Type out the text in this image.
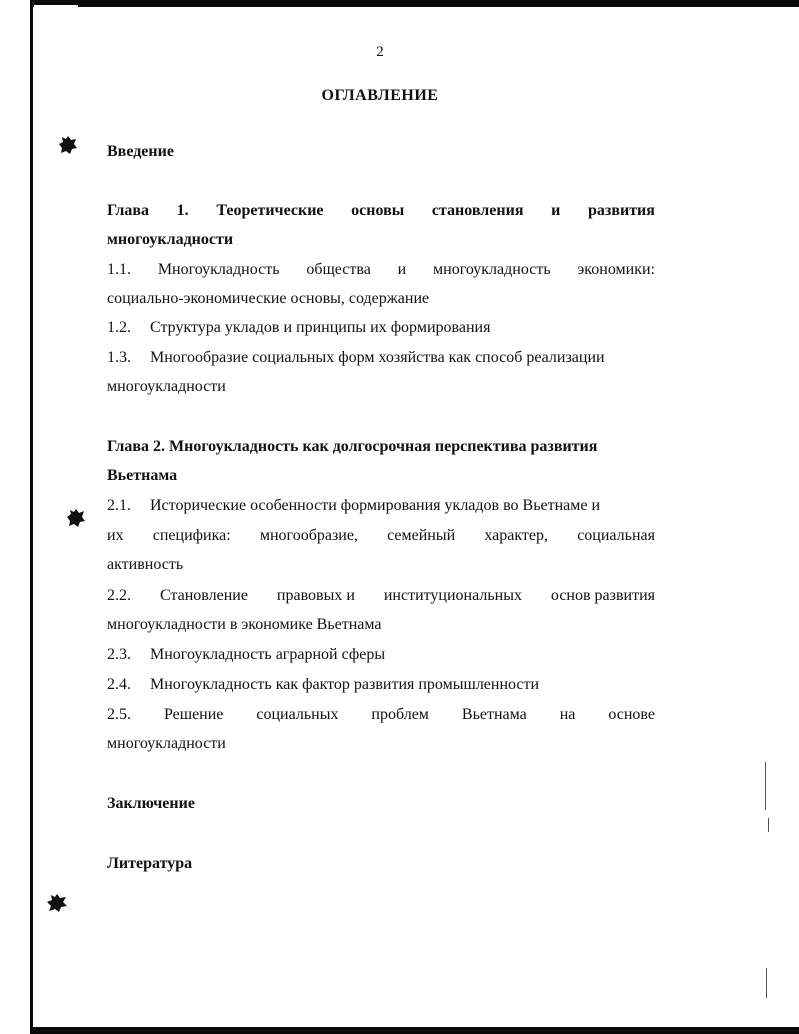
2
ОГЛАВЛЕНИЕ
Введение
Глава 1. Теоретические основы становления и развития
многоукладности
1.1. Многоукладность общества и многоукладность экономики:
социально-экономические основы, содержание
1.2. Структура укладов и принципы их формирования
1.3. Многообразие социальных форм хозяйства как способ реализации
многоукладности
Глава 2. Многоукладность как долгосрочная перспектива развития
Вьетнама
2.1. Исторические особенности формирования укладов во Вьетнаме и
их специфика: многообразие, семейный характер, социальная
активность
2.2. Становление правовых и институциональных основ развития
многоукладности в экономике Вьетнама
2.3. Многоукладность аграрной сферы
2.4. Многоукладность как фактор развития промышленности
2.5. Решение социальных проблем Вьетнама на основе
многоукладности
Заключение
Литература
